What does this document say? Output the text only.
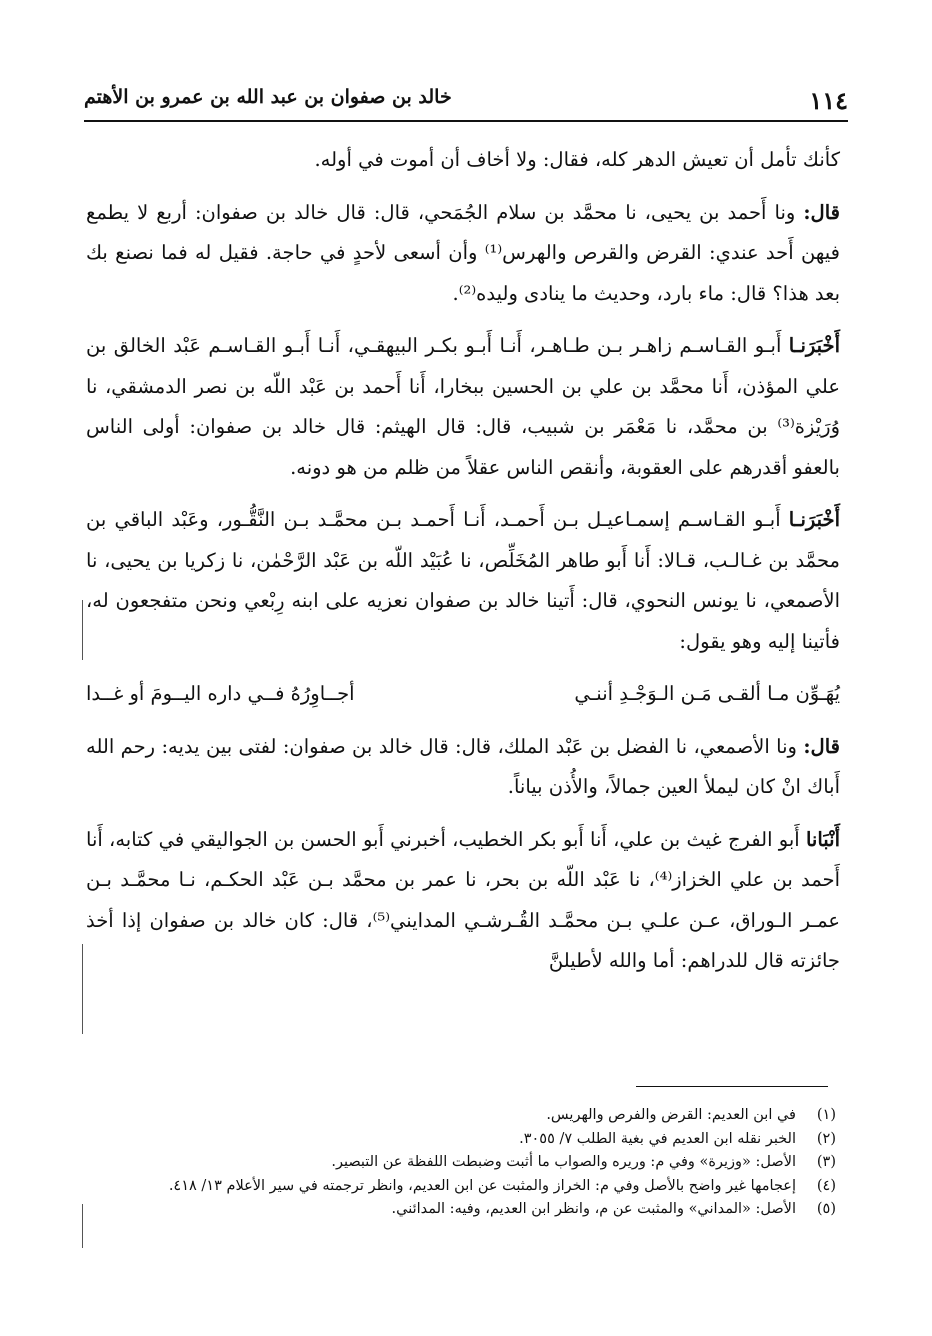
١١٤
خالد بن صفوان بن عبد الله بن عمرو بن الأهتم

كأنك تأمل أن تعيش الدهر كله، فقال: ولا أخاف أن أموت في أوله.

قال: ونا أَحمد بن يحيى، نا محمَّد بن سلام الجُمَحي، قال: قال خالد بن صفوان: أربع لا يطمع فيهن أَحد عندي: القرض والقرص والهرس⁽¹⁾ وأن أسعى لأحدٍ في حاجة. فقيل له فما نصنع بك بعد هذا؟ قال: ماء بارد، وحديث ما ينادى وليده⁽²⁾.

أَخْبَرَنـا أَبـو القـاسـم زاهـر بـن طـاهـر، أَنـا أَبـو بكـر البيهقـي، أَنـا أَبـو القـاسـم عَبْد الخالق بن علي المؤذن، أَنا محمَّد بن علي بن الحسين ببخارا، أَنا أَحمد بن عَبْد اللّه بن نصر الدمشقي، نا وُرَيْزة⁽³⁾ بن محمَّد، نا مَعْمَر بن شبيب، قال: قال الهيثم: قال خالد بن صفوان: أولى الناس بالعفو أقدرهم على العقوبة، وأنقص الناس عقلاً من ظلم من هو دونه.

أَخْبَرَنـا أَبـو القـاسـم إسمـاعيـل بـن أَحمـد، أَنـا أَحمـد بـن محمَّـد بـن النَّقُّـور، وعَبْد الباقي بن محمَّد بن غـالـب، قـالا: أَنا أَبو طاهر المُخَلِّص، نا عُبَيْد اللّه بن عَبْد الرَّحْمٰن، نا زكريا بن يحيى، نا الأصمعي، نا يونس النحوي، قال: أَتينا خالد بن صفوان نعزيه على ابنه رِبْعي ونحن متفجعون له، فأتينا إليه وهو يقول:

يُهَـوِّن مـا ألقـى مَـن الـوَجْـدِ أننـي
أجــاوِرُهُ فــي داره اليــومَ أو غــدا

قال: ونا الأصمعي، نا الفضل بن عَبْد الملك، قال: قال خالد بن صفوان: لفتى بين يديه: رحم الله أَباك انْ كان ليملأ العين جمالاً، والأُذن بياناً.

أَنْبَانا أَبو الفرج غيث بن علي، أَنا أَبو بكر الخطيب، أخبرني أَبو الحسن بن الجواليقي في كتابه، أَنا أَحمد بن علي الخزاز⁽⁴⁾، نا عَبْد اللّه بن بحر، نا عمر بن محمَّد بـن عَبْد الحكـم، نـا محمَّـد بـن عمـر الـوراق، عـن علـي بـن محمَّـد القُـرشـي المدايني⁽⁵⁾، قال: كان خالد بن صفوان إذا أخذ جائزته قال للدراهم: أما والله لأطيلنَّ

(١)
في ابن العديم: القرض والفرص والهريس.
(٢)
الخبر نقله ابن العديم في بغية الطلب ٧/ ٣٠٥٥.
(٣)
الأصل: «وزيرة» وفي م: وريره والصواب ما أثبت وضبطت اللفظة عن التبصير.
(٤)
إعجامها غير واضح بالأصل وفي م: الخراز والمثبت عن ابن العديم، وانظر ترجمته في سير الأعلام ١٣/ ٤١٨.
(٥)
الأصل: «المداني» والمثبت عن م، وانظر ابن العديم، وفيه: المدائني.
